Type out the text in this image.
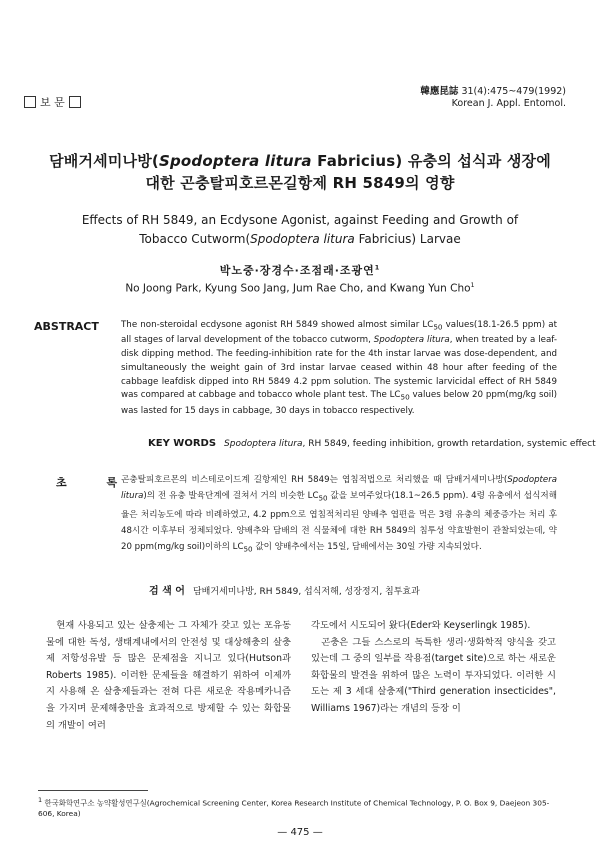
보 문
韓應昆誌 31(4):475~479(1992)
Korean J. Appl. Entomol.
담배거세미나방(Spodoptera litura Fabricius) 유충의 섭식과 생장에
대한 곤충탈피호르몬길항제 RH 5849의 영향
Effects of RH 5849, an Ecdysone Agonist, against Feeding and Growth of
Tobacco Cutworm(Spodoptera litura Fabricius) Larvae
박노중·장경수·조점래·조광연$^1$
No Joong Park, Kyung Soo Jang, Jum Rae Cho, and Kwang Yun Cho$^1$
ABSTRACT	The non-steroidal ecdysone agonist RH 5849 showed almost similar $LC_{50}$ values(18.1-26.5 ppm) at all stages of larval development of the tobacco cutworm, Spodoptera litura, when treated by a leaf-disk dipping method. The feeding-inhibition rate for the 4th instar larvae was dose-dependent, and simultaneously the weight gain of 3rd instar larvae ceased within 48 hour after feeding of the cabbage leafdisk dipped into RH 5849 4.2 ppm solution. The systemic larvicidal effect of RH 5849 was compared at cabbage and tobacco whole plant test. The $LC_{50}$ values below 20 ppm(mg/kg soil) was lasted for 15 days in cabbage, 30 days in tobacco respectively.
KEY WORDS Spodoptera litura, RH 5849, feeding inhibition, growth retardation, systemic effect
초 록
곤충탈피호르몬의 비스테로이드계 길항제인 RH 5849는 엽침적법으로 처리했을 때 담배거세미나방(Spodoptera litura)의 전 유충 발육단계에 걸쳐서 거의 비슷한 $LC_{50}$ 값을 보여주었다(18.1~26.5 ppm). 4령 유충에서 섭식저해율은 처리농도에 따라 비례하였고, 4.2 ppm으로 엽침적처리된 양배추 엽편을 먹은 3령 유충의 체중증가는 처리 후 48시간 이후부터 정체되었다. 양배추와 담배의 전 식물체에 대한 RH 5849의 침투성 약효발현이 관찰되었는데, 약 20 ppm(mg/kg soil)이하의 $LC_{50}$ 값이 양배추에서는 15일, 담배에서는 30일 가량 지속되었다.
검 색 어 담배거세미나방, RH 5849, 섭식저해, 성장정지, 침투효과

현재 사용되고 있는 살충제는 그 자체가 갖고 있는 포유동물에 대한 독성, 생태계내에서의 안전성 및 대상해충의 살충제 저항성유발 등 많은 문제점을 지니고 있다(Hutson과 Roberts 1985). 이러한 문제들을 해결하기 위하여 이제까지 사용해 온 살충제들과는 전혀 다른 새로운 작용메카니즘을 가지며 문제해충만을 효과적으로 방제할 수 있는 화합물의 개발이 여러

각도에서 시도되어 왔다(Eder와 Keyserlingk 1985).

곤충은 그들 스스로의 독특한 생리·생화학적 양식을 갖고 있는데 그 중의 일부를 작용점(target site)으로 하는 새로운 화합물의 발견을 위하여 많은 노력이 투자되었다. 이러한 시도는 제 3 세대 살충제("Third generation insecticides", Williams 1967)라는 개념의 등장 이

$^1$ 한국화학연구소 농약활성연구실(Agrochemical Screening Center, Korea Research Institute of Chemical Technology, P. O. Box 9, Daejeon 305-606, Korea)
— 475 —
